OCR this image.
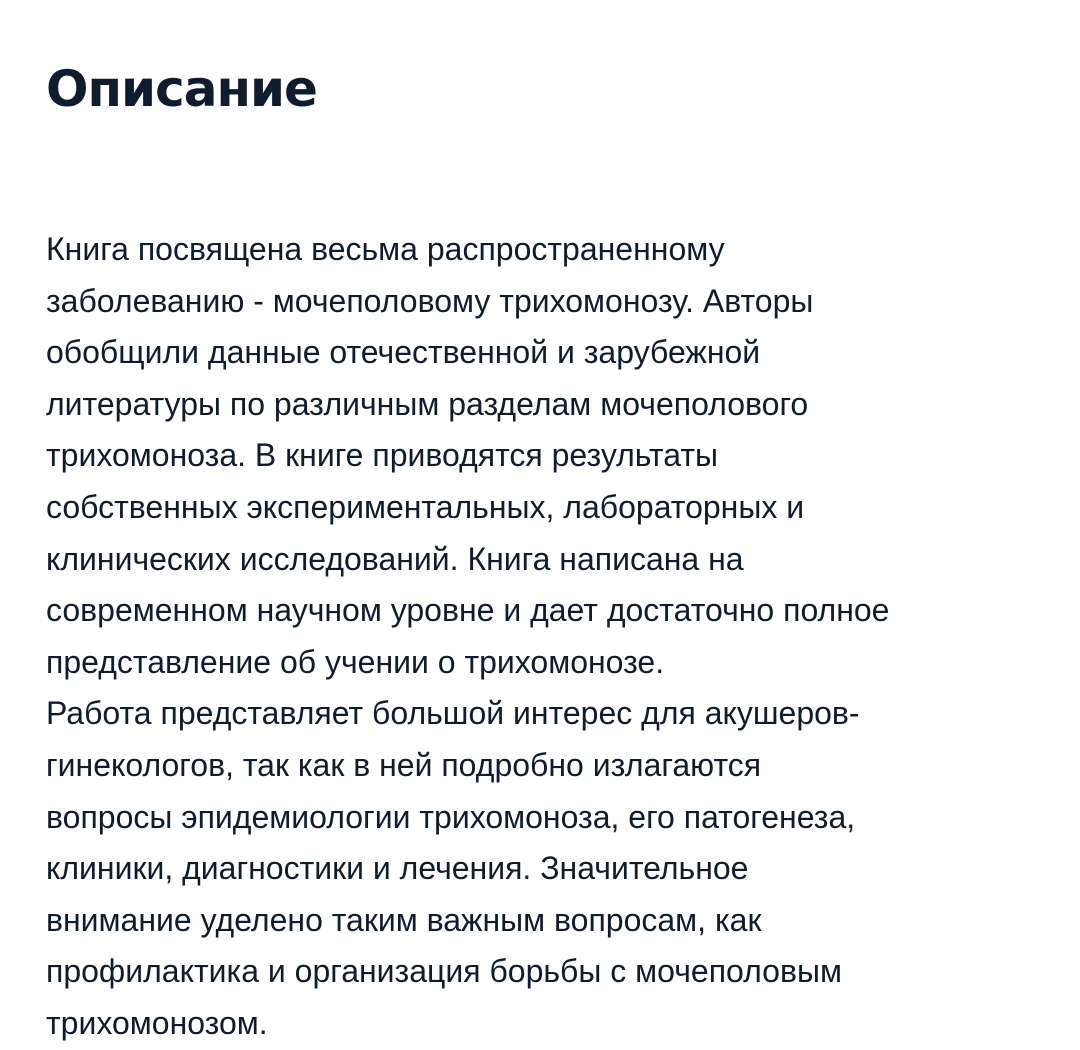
Описание
Книга посвящена весьма распространенному
заболеванию - мочеполовому трихомонозу. Авторы
обобщили данные отечественной и зарубежной
литературы по различным разделам мочеполового
трихомоноза. В книге приводятся результаты
собственных экспериментальных, лабораторных и
клинических исследований. Книга написана на
современном научном уровне и дает достаточно полное
представление об учении о трихомонозе.
Работа представляет большой интерес для акушеров-
гинекологов, так как в ней подробно излагаются
вопросы эпидемиологии трихомоноза, его патогенеза,
клиники, диагностики и лечения. Значительное
внимание уделено таким важным вопросам, как
профилактика и организация борьбы с мочеполовым
трихомонозом.
